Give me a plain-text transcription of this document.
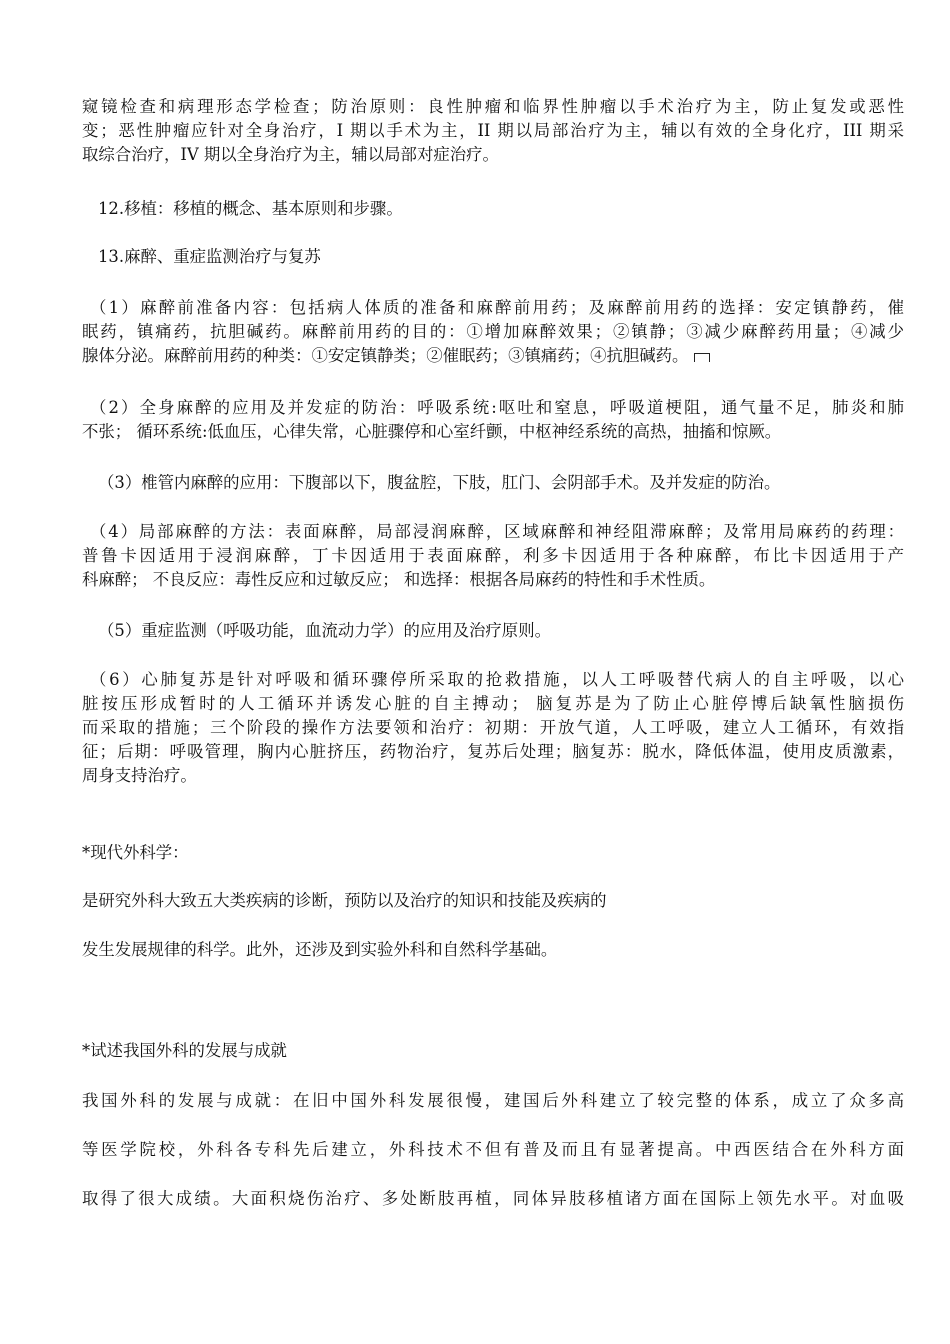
窥镜检查和病理形态学检查；防治原则：良性肿瘤和临界性肿瘤以手术治疗为主，防止复发或恶性
变；恶性肿瘤应针对全身治疗，I 期以手术为主，II 期以局部治疗为主，辅以有效的全身化疗，III 期采
取综合治疗，IV 期以全身治疗为主，辅以局部对症治疗。
12.移植：移植的概念、基本原则和步骤。
13.麻醉、重症监测治疗与复苏
（1）麻醉前准备内容：包括病人体质的准备和麻醉前用药；及麻醉前用药的选择：安定镇静药，催
眠药，镇痛药，抗胆碱药。麻醉前用药的目的：①增加麻醉效果；②镇静；③减少麻醉药用量；④减少
腺体分泌。麻醉前用药的种类：①安定镇静类；②催眠药；③镇痛药；④抗胆碱药。
（2）全身麻醉的应用及并发症的防治：呼吸系统:呕吐和窒息，呼吸道梗阻，通气量不足，肺炎和肺
不张； 循环系统:低血压，心律失常，心脏骤停和心室纤颤，中枢神经系统的高热，抽搐和惊厥。
（3）椎管内麻醉的应用：下腹部以下，腹盆腔，下肢，肛门、会阴部手术。及并发症的防治。
（4）局部麻醉的方法：表面麻醉，局部浸润麻醉，区域麻醉和神经阻滞麻醉；及常用局麻药的药理：
普鲁卡因适用于浸润麻醉，丁卡因适用于表面麻醉，利多卡因适用于各种麻醉，布比卡因适用于产
科麻醉； 不良反应：毒性反应和过敏反应； 和选择：根据各局麻药的特性和手术性质。
（5）重症监测（呼吸功能，血流动力学）的应用及治疗原则。
（6）心肺复苏是针对呼吸和循环骤停所采取的抢救措施，以人工呼吸替代病人的自主呼吸，以心
脏按压形成暂时的人工循环并诱发心脏的自主搏动； 脑复苏是为了防止心脏停博后缺氧性脑损伤
而采取的措施；三个阶段的操作方法要领和治疗：初期：开放气道，人工呼吸，建立人工循环，有效指
征；后期：呼吸管理，胸内心脏挤压，药物治疗，复苏后处理；脑复苏：脱水，降低体温，使用皮质激素，
周身支持治疗。
*现代外科学：
是研究外科大致五大类疾病的诊断，预防以及治疗的知识和技能及疾病的
发生发展规律的科学。此外，还涉及到实验外科和自然科学基础。
*试述我国外科的发展与成就
我国外科的发展与成就：在旧中国外科发展很慢，建国后外科建立了较完整的体系，成立了众多高
等医学院校，外科各专科先后建立，外科技术不但有普及而且有显著提高。中西医结合在外科方面
取得了很大成绩。大面积烧伤治疗、多处断肢再植，同体异肢移植诸方面在国际上领先水平。对血吸
